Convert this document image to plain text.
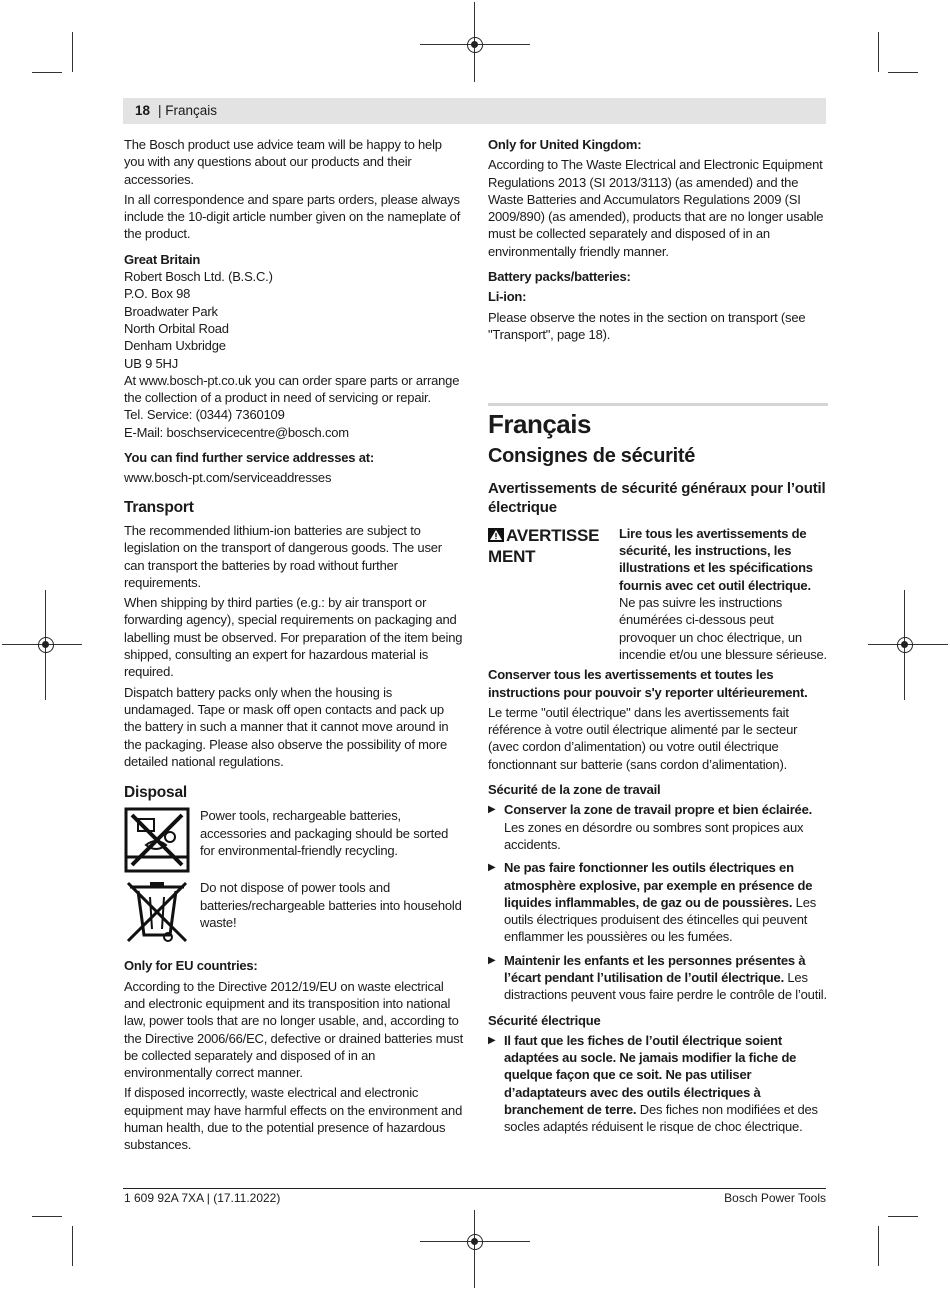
18 | Français

The Bosch product use advice team will be happy to help you with any questions about our products and their accessories.

In all correspondence and spare parts orders, please always include the 10-digit article number given on the nameplate of the product.

Great Britain
Robert Bosch Ltd. (B.S.C.)
P.O. Box 98
Broadwater Park
North Orbital Road
Denham Uxbridge
UB 9 5HJ
At www.bosch-pt.co.uk you can order spare parts or arrange the collection of a product in need of servicing or repair.
Tel. Service: (0344) 7360109
E-Mail: boschservicecentre@bosch.com

You can find further service addresses at:

www.bosch-pt.com/serviceaddresses

Transport

The recommended lithium-ion batteries are subject to legislation on the transport of dangerous goods. The user can transport the batteries by road without further requirements.

When shipping by third parties (e.g.: by air transport or forwarding agency), special requirements on packaging and labelling must be observed. For preparation of the item being shipped, consulting an expert for hazardous material is required.

Dispatch battery packs only when the housing is undamaged. Tape or mask off open contacts and pack up the battery in such a manner that it cannot move around in the packaging. Please also observe the possibility of more detailed national regulations.

Disposal
Power tools, rechargeable batteries, accessories and packaging should be sorted for environmental-friendly recycling.
Do not dispose of power tools and batteries/rechargeable batteries into household waste!

Only for EU countries:

According to the Directive 2012/19/EU on waste electrical and electronic equipment and its transposition into national law, power tools that are no longer usable, and, according to the Directive 2006/66/EC, defective or drained batteries must be collected separately and disposed of in an environmentally correct manner.

If disposed incorrectly, waste electrical and electronic equipment may have harmful effects on the environment and human health, due to the potential presence of hazardous substances.

Only for United Kingdom:

According to The Waste Electrical and Electronic Equipment Regulations 2013 (SI 2013/3113) (as amended) and the Waste Batteries and Accumulators Regulations 2009 (SI 2009/890) (as amended), products that are no longer usable must be collected separately and disposed of in an environmentally friendly manner.

Battery packs/batteries:

Li-ion:

Please observe the notes in the section on transport (see "Transport", page 18).

Français
Consignes de sécurité
Avertissements de sécurité généraux pour l’outil électrique
AVERTISSEMENT
Lire tous les avertissements de sécurité, les instructions, les illustrations et les spécifications fournis avec cet outil électrique. Ne pas suivre les instructions énumérées ci-dessous peut provoquer un choc électrique, un incendie et/ou une blessure sérieuse.

Conserver tous les avertissements et toutes les instructions pour pouvoir s'y reporter ultérieurement.

Le terme "outil électrique" dans les avertissements fait référence à votre outil électrique alimenté par le secteur (avec cordon d’alimentation) ou votre outil électrique fonctionnant sur batterie (sans cordon d’alimentation).

Sécurité de la zone de travail

▶ Conserver la zone de travail propre et bien éclairée. Les zones en désordre ou sombres sont propices aux accidents.
▶ Ne pas faire fonctionner les outils électriques en atmosphère explosive, par exemple en présence de liquides inflammables, de gaz ou de poussières. Les outils électriques produisent des étincelles qui peuvent enflammer les poussières ou les fumées.
▶ Maintenir les enfants et les personnes présentes à l’écart pendant l’utilisation de l’outil électrique. Les distractions peuvent vous faire perdre le contrôle de l’outil.

Sécurité électrique

▶ Il faut que les fiches de l’outil électrique soient adaptées au socle. Ne jamais modifier la fiche de quelque façon que ce soit. Ne pas utiliser d’adaptateurs avec des outils électriques à branchement de terre. Des fiches non modifiées et des socles adaptés réduisent le risque de choc électrique.
1 609 92A 7XA | (17.11.2022)	Bosch Power Tools
